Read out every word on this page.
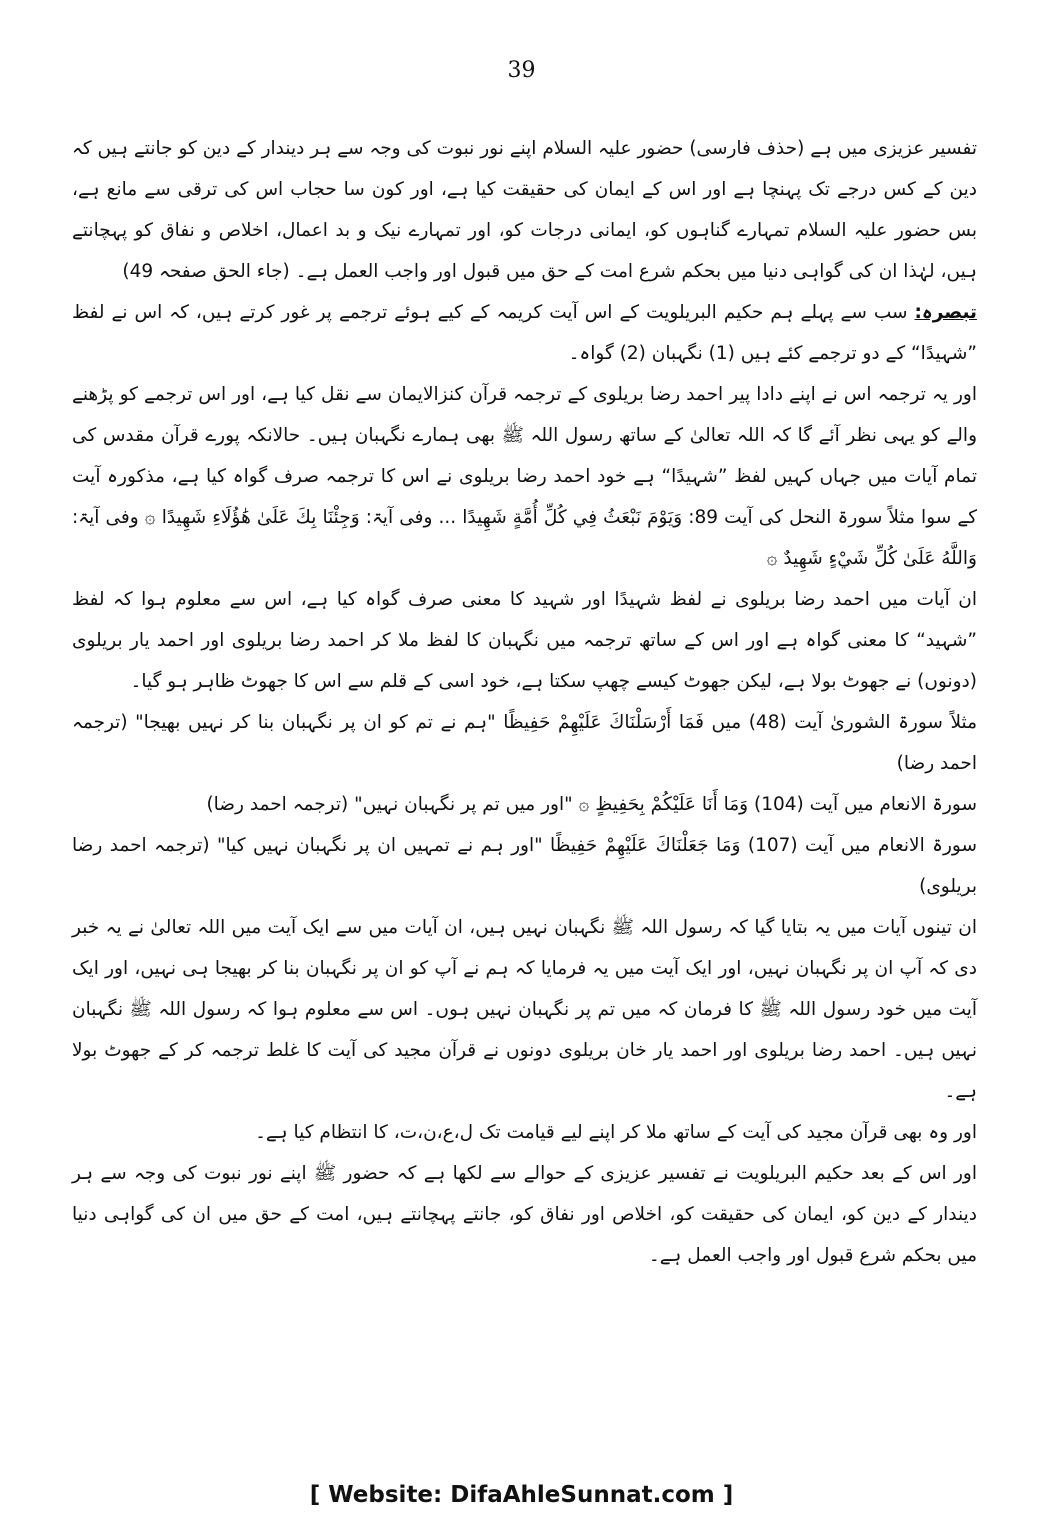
39

تفسیر عزیزی میں ہے (حذف فارسی) حضور علیہ السلام اپنے نور نبوت کی وجہ سے ہر دیندار کے دین کو جانتے ہیں کہ دین کے کس درجے تک پہنچا ہے اور اس کے ایمان کی حقیقت کیا ہے، اور کون سا حجاب اس کی ترقی سے مانع ہے، بس حضور علیہ السلام تمہارے گناہوں کو، ایمانی درجات کو، اور تمہارے نیک و بد اعمال، اخلاص و نفاق کو پہچانتے ہیں، لہٰذا ان کی گواہی دنیا میں بحکم شرع امت کے حق میں قبول اور واجب العمل ہے۔ (جاء الحق صفحہ 49)

تبصرہ: سب سے پہلے ہم حکیم البریلویت کے اس آیت کریمہ کے کیے ہوئے ترجمے پر غور کرتے ہیں، کہ اس نے لفظ ”شہیدًا“ کے دو ترجمے کئے ہیں (1) نگہبان (2) گواہ۔

اور یہ ترجمہ اس نے اپنے دادا پیر احمد رضا بریلوی کے ترجمہ قرآن کنزالایمان سے نقل کیا ہے، اور اس ترجمے کو پڑھنے والے کو یہی نظر آئے گا کہ اللہ تعالیٰ کے ساتھ رسول اللہ ﷺ بھی ہمارے نگہبان ہیں۔ حالانکہ پورے قرآن مقدس کی تمام آیات میں جہاں کہیں لفظ ”شہیدًا“ ہے خود احمد رضا بریلوی نے اس کا ترجمہ صرف گواہ کیا ہے، مذکورہ آیت کے سوا مثلاً سورۃ النحل کی آیت 89: وَيَوْمَ نَبْعَثُ فِي كُلِّ أُمَّةٍ شَهِيدًا ... وفی آیۃ: وَجِئْنَا بِكَ عَلَىٰ هَٰؤُلَاءِ شَهِيدًا ۞ وفی آیۃ: وَاللَّهُ عَلَىٰ كُلِّ شَيْءٍ شَهِيدٌ ۞

ان آیات میں احمد رضا بریلوی نے لفظ شہیدًا اور شہید کا معنی صرف گواہ کیا ہے، اس سے معلوم ہوا کہ لفظ ”شہید“ کا معنی گواہ ہے اور اس کے ساتھ ترجمہ میں نگہبان کا لفظ ملا کر احمد رضا بریلوی اور احمد یار بریلوی (دونوں) نے جھوٹ بولا ہے، لیکن جھوٹ کیسے چھپ سکتا ہے، خود اسی کے قلم سے اس کا جھوٹ ظاہر ہو گیا۔

مثلاً سورۃ الشوریٰ آیت (48) میں فَمَا أَرْسَلْنَاكَ عَلَيْهِمْ حَفِيظًا "ہم نے تم کو ان پر نگہبان بنا کر نہیں بھیجا" (ترجمہ احمد رضا)

سورۃ الانعام میں آیت (104) وَمَا أَنَا عَلَيْكُمْ بِحَفِيظٍ ۞ "اور میں تم پر نگہبان نہیں" (ترجمہ احمد رضا)

سورۃ الانعام میں آیت (107) وَمَا جَعَلْنَاكَ عَلَيْهِمْ حَفِيظًا "اور ہم نے تمہیں ان پر نگہبان نہیں کیا" (ترجمہ احمد رضا بریلوی)

ان تینوں آیات میں یہ بتایا گیا کہ رسول اللہ ﷺ نگہبان نہیں ہیں، ان آیات میں سے ایک آیت میں اللہ تعالیٰ نے یہ خبر دی کہ آپ ان پر نگہبان نہیں، اور ایک آیت میں یہ فرمایا کہ ہم نے آپ کو ان پر نگہبان بنا کر بھیجا ہی نہیں، اور ایک آیت میں خود رسول اللہ ﷺ کا فرمان کہ میں تم پر نگہبان نہیں ہوں۔ اس سے معلوم ہوا کہ رسول اللہ ﷺ نگہبان نہیں ہیں۔ احمد رضا بریلوی اور احمد یار خان بریلوی دونوں نے قرآن مجید کی آیت کا غلط ترجمہ کر کے جھوٹ بولا ہے۔

اور وہ بھی قرآن مجید کی آیت کے ساتھ ملا کر اپنے لیے قیامت تک ل،ع،ن،ت، کا انتظام کیا ہے۔

اور اس کے بعد حکیم البریلویت نے تفسیر عزیزی کے حوالے سے لکھا ہے کہ حضور ﷺ اپنے نور نبوت کی وجہ سے ہر دیندار کے دین کو، ایمان کی حقیقت کو، اخلاص اور نفاق کو، جانتے پہچانتے ہیں، امت کے حق میں ان کی گواہی دنیا میں بحکم شرع قبول اور واجب العمل ہے۔

[ Website: DifaAhleSunnat.com ]
